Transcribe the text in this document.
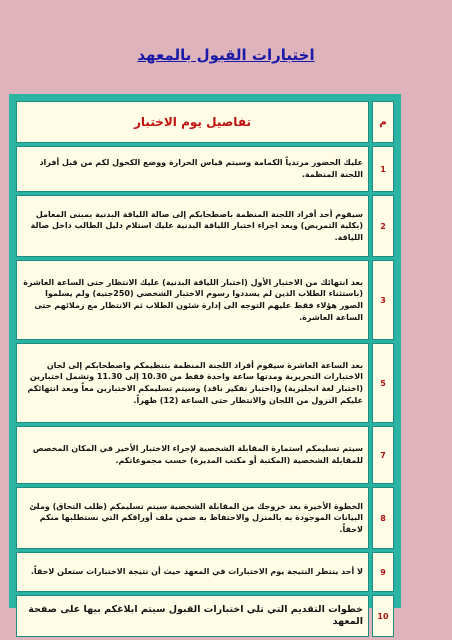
اختبارات القبول بالمعهد
م	تفاصيل يوم الاختبار
1	عليك الحضور مرتدياً الكمامة وسيتم قياس الحرارة ووضع الكحول لكم من قبل أفراد اللجنة المنظمة.
2	سيقوم أحد أفراد اللجنة المنظمة باصطحابكم إلى صالة اللياقة البدنية بمبنى المعامل (بكلية التمريض) ويعد اجراء اختبار اللياقة البدنية عليك استلام دليل الطالب داخل صالة اللياقة.
3	بعد انتهائك من الاختبار الأول (اختبار اللياقة البدنية) عليك الانتظار حتى الساعة العاشرة (باستثناء الطلاب الذين لم يسددوا رسوم الاختبار الشخصي (250جنيه) ولم يسلموا الصور هؤلاء فقط عليهم التوجه الى إدارة شئون الطلاب ثم الانتظار مع زملائهم حتى الساعة العاشرة.
5	بعد الساعة العاشرة سيقوم أفراد اللجنة المنظمة بتنظيمكم واصطحابكم إلى لجان الاختبارات التحريرية ومدتها ساعة واحدة فقط من 10.30 إلى 11.30 وتشمل اختبارين (اختبار لغة انجليزية) و(اختبار تفكير ناقد) وسيتم تسليمكم الاختبارين معاً وبعد انتهائكم عليكم النزول من اللجان والانتظار حتى الساعة (12) ظهراً.
7	سيتم تسليمكم استمارة المقابلة الشخصية لإجراء الاختبار الأخير في المكان المخصص للمقابلة الشخصية (المكتبة أو مكتب المديرة) حسب مجموعاتكم.
8	الخطوة الأخيرة بعد خروجك من المقابلة الشخصية سيتم تسليمكم (طلب التحاق) وملئ البيانات الموجودة به بالمنزل والاحتفاظ به ضمن ملف أوراقكم التي نستطلبها منكم لاحقاً.
9	لا أحد ينتظر النتيجة يوم الاختبارات في المعهد حيث أن نتيجة الاختبارات ستعلن لاحقاً.
10	خطوات التقديم التي تلي اختبارات القبول سيتم ابلاغكم بيها على صفحة المعهد
